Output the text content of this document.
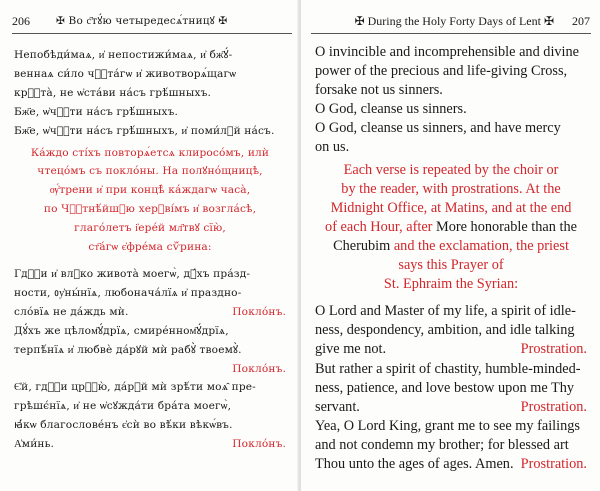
206 ✠ Во с҃тꙋ́ю четыредесѧ́тницꙋ ✠
Непобѣди́маѧ, и҆ непостижи́маѧ, и҆ бж҃ꙋ́-
веннаѧ си́ло чⷭ҇та́гѡ и҆ животворѧ́щагѡ
крⷭ҇та̀, не ѡ҆ста́ви на́съ грѣ́шныхъ.
Бж҃е, ѡ҆чⷭ҇ти на́съ грѣ́шныхъ.
Бж҃е, ѡ҆чⷭ҇ти на́съ грѣ́шныхъ, и҆ поми́лꙋй на́съ.
Ка́ждо сті́хъ повторѧ́етсѧ клиросо́мъ, илѝ
чтецо́мъ съ покло́ны. На полꙋно́щницѣ,
ѹ҆́трени и҆ при концѣ̀ ка́ждагѡ часа̀,
по Чⷭ҇тнѣ́йшꙋю херꙋві́мъ и҆ возгла́сѣ,
глаго́летъ і҆ере́й мл҃твꙋ сїю̀,
ст҃а́гѡ є҆фре́ма сѷ́рина:
Гдⷭ҇и и҆ влⷣко живота̀ моегѡ̀, дꙋ́хъ пра́зд-
ности, ᲂу҆ны́нїѧ, любонача́лїѧ и҆ праздно-
сло́вїѧ не да́ждь мѝ.	Покло́нъ.
Дꙋ́хъ же цѣлом҃ꙋ́дрїѧ, смире́нном҃ꙋ́дрїѧ,
терпѣ́нїѧ и҆ любвѐ да́рꙋй мѝ рабꙋ̀ твоемꙋ̀.
Покло́нъ.
Є҆й, гдⷭ҇и црⷭ҇ю̀, да́рꙋй мѝ зрѣ́ти моѧ̑ пре-
грѣшє́нїѧ, и҆ не ѡ҆сꙋжда́ти бра́та моегѡ̀,
ꙗ҆́кѡ благослове́нъ є҆сѝ во вѣ́ки вѣкѡ́въ.
А҆ми́нь.	Покло́нъ.
✠ During the Holy Forty Days of Lent ✠ 207
O invincible and incomprehensible and divine
power of the precious and life-giving Cross,
forsake not us sinners.
O God, cleanse us sinners.
O God, cleanse us sinners, and have mercy
on us.
Each verse is repeated by the choir or
by the reader, with prostrations. At the
Midnight Office, at Matins, and at the end
of each Hour, after More honorable than the
Cherubim and the exclamation, the priest
says this Prayer of
St. Ephraim the Syrian:
O Lord and Master of my life, a spirit of idle-
ness, despondency, ambition, and idle talking
give me not.	Prostration.
But rather a spirit of chastity, humble-minded-
ness, patience, and love bestow upon me Thy
servant.	Prostration.
Yea, O Lord King, grant me to see my failings
and not condemn my brother; for blessed art
Thou unto the ages of ages. Amen. Prostration.
